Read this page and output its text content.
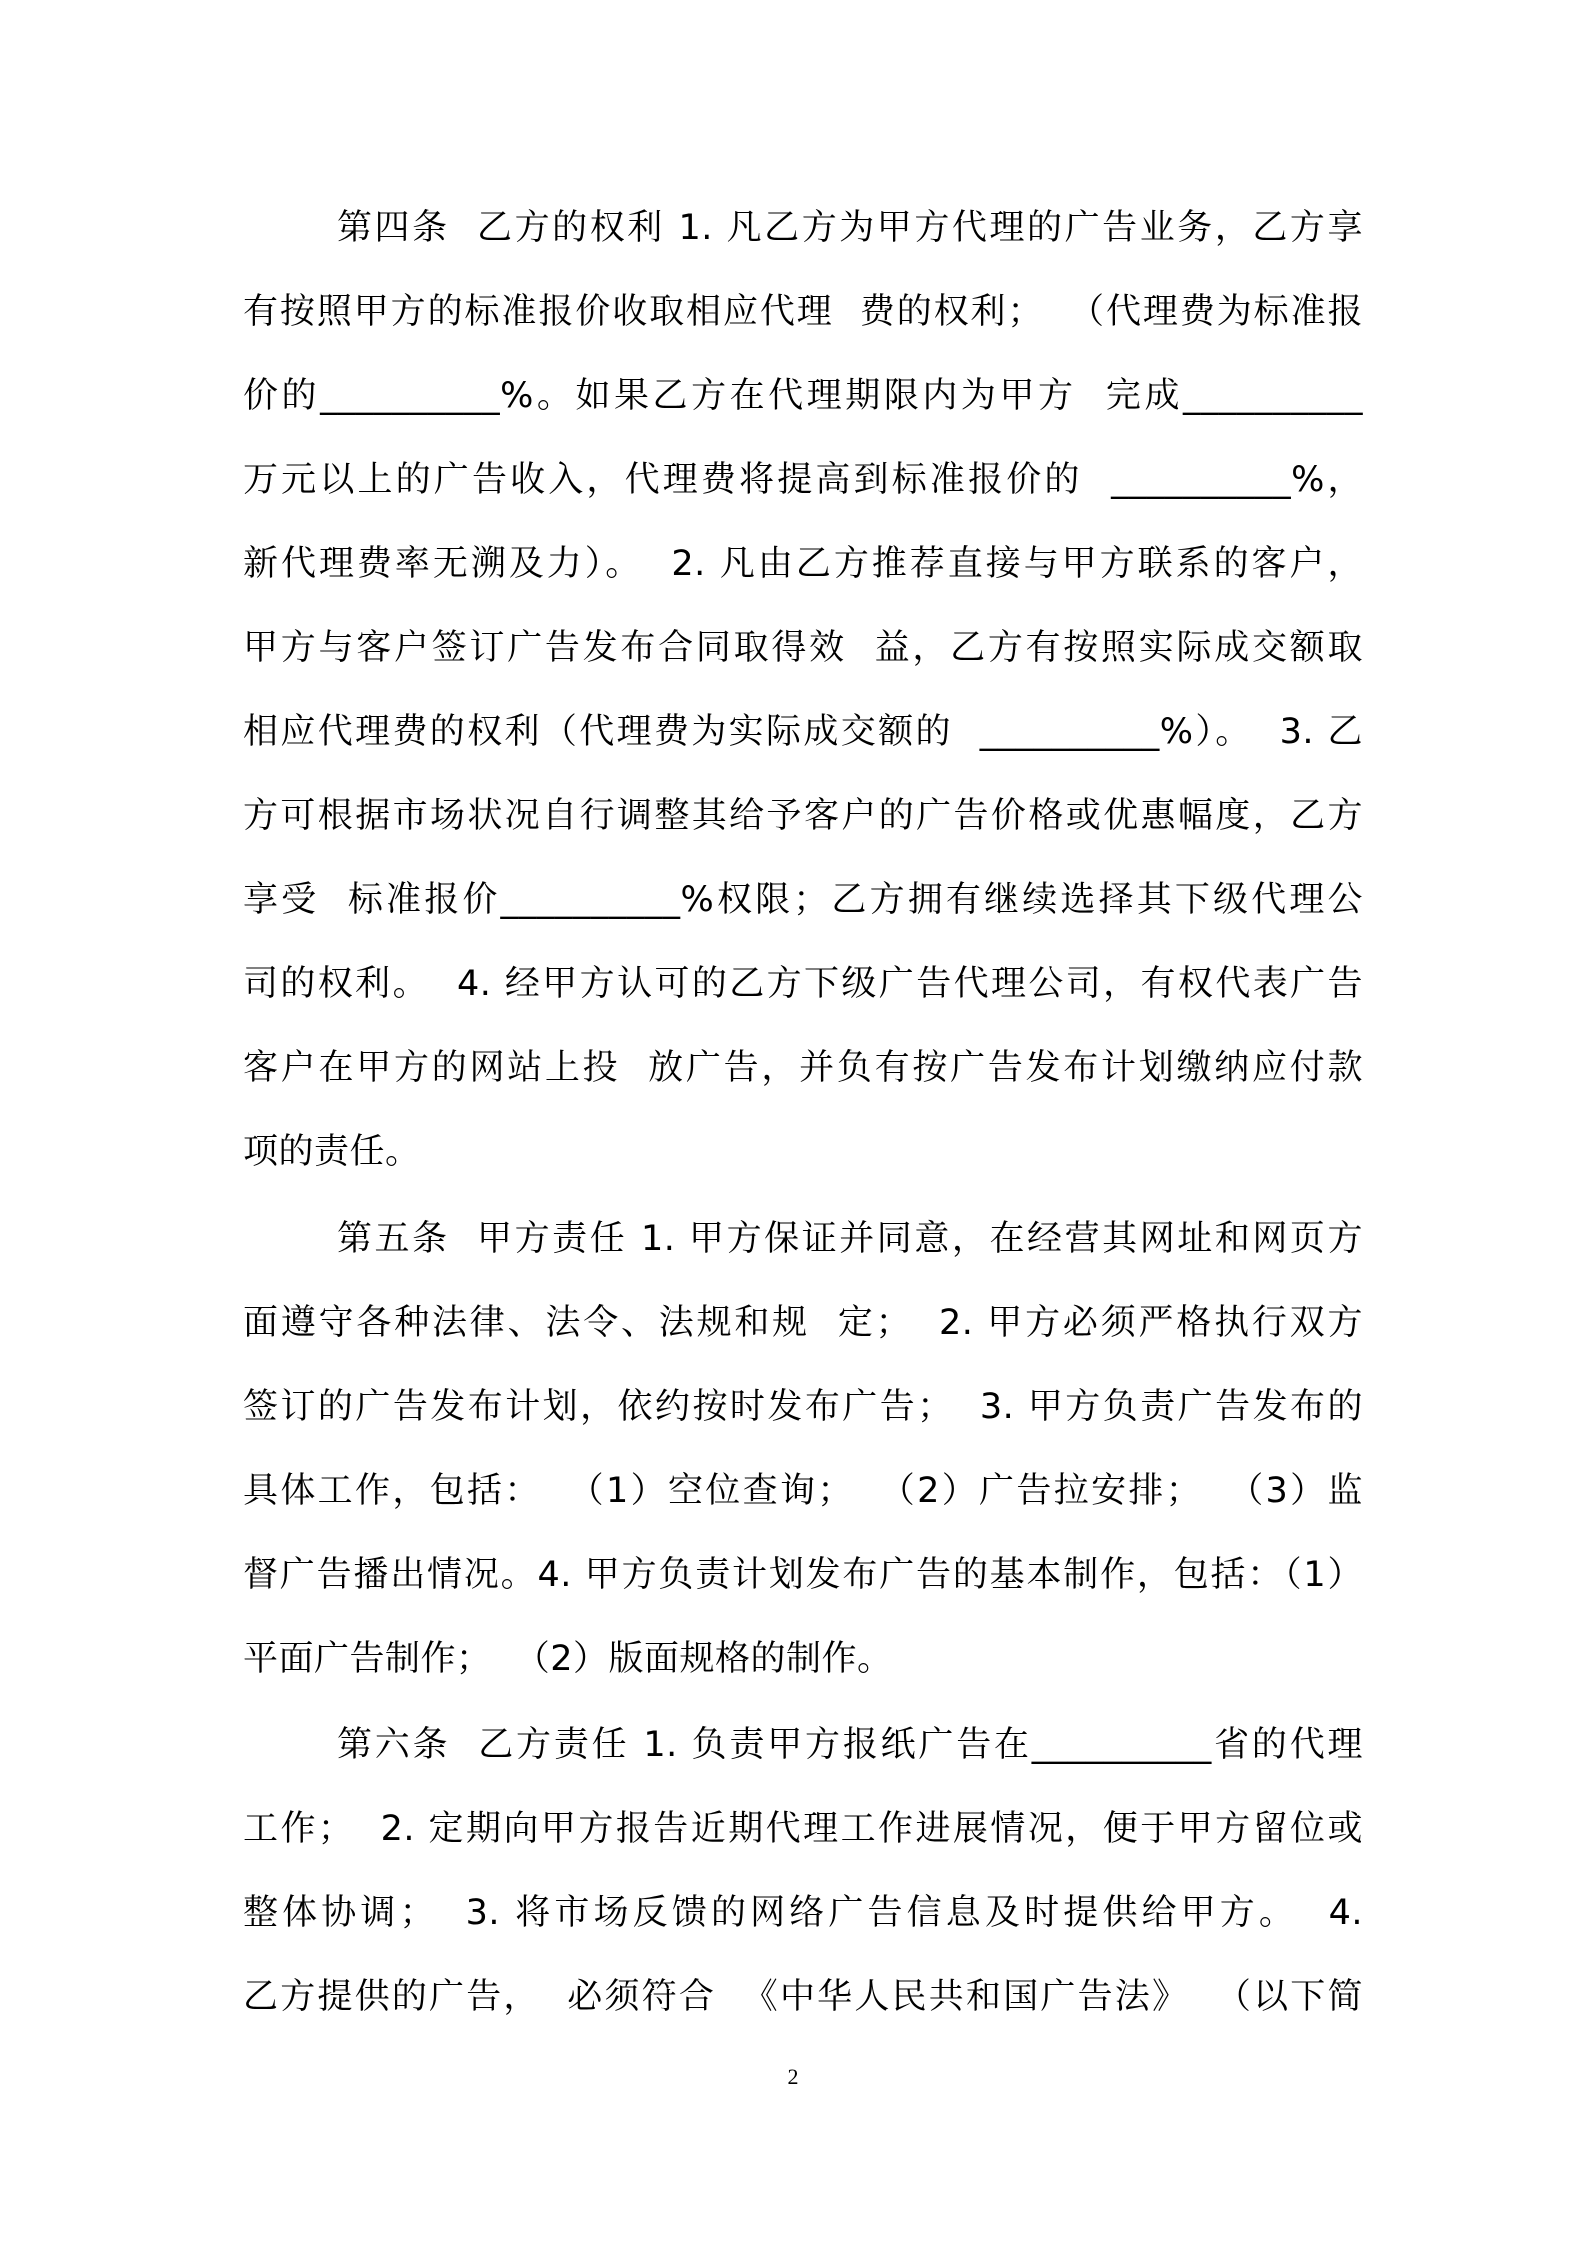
第四条  乙方的权利 1. 凡乙方为甲方代理的广告业务，乙方享
有按照甲方的标准报价收取相应代理  费的权利；  （代理费为标准报
价的__________%。如果乙方在代理期限内为甲方  完成__________
万元以上的广告收入，代理费将提高到标准报价的  __________%，
新代理费率无溯及力）。  2. 凡由乙方推荐直接与甲方联系的客户，
甲方与客户签订广告发布合同取得效  益，乙方有按照实际成交额取
相应代理费的权利（代理费为实际成交额的  __________%）。  3. 乙
方可根据市场状况自行调整其给予客户的广告价格或优惠幅度，乙方
享受  标准报价__________%权限；乙方拥有继续选择其下级代理公
司的权利。  4. 经甲方认可的乙方下级广告代理公司，有权代表广告
客户在甲方的网站上投  放广告，并负有按广告发布计划缴纳应付款
项的责任。
第五条  甲方责任 1. 甲方保证并同意，在经营其网址和网页方
面遵守各种法律、法令、法规和规  定；  2. 甲方必须严格执行双方
签订的广告发布计划，依约按时发布广告；  3. 甲方负责广告发布的
具体工作，包括：  （1）空位查询；  （2）广告拉安排；  （3）监
督广告播出情况。4. 甲方负责计划发布广告的基本制作，包括：（1）
平面广告制作；  （2）版面规格的制作。
第六条  乙方责任 1. 负责甲方报纸广告在__________省的代理
工作；  2. 定期向甲方报告近期代理工作进展情况，便于甲方留位或
整体协调；  3. 将市场反馈的网络广告信息及时提供给甲方。  4.
乙方提供的广告，  必须符合  《中华人民共和国广告法》  （以下简
2
